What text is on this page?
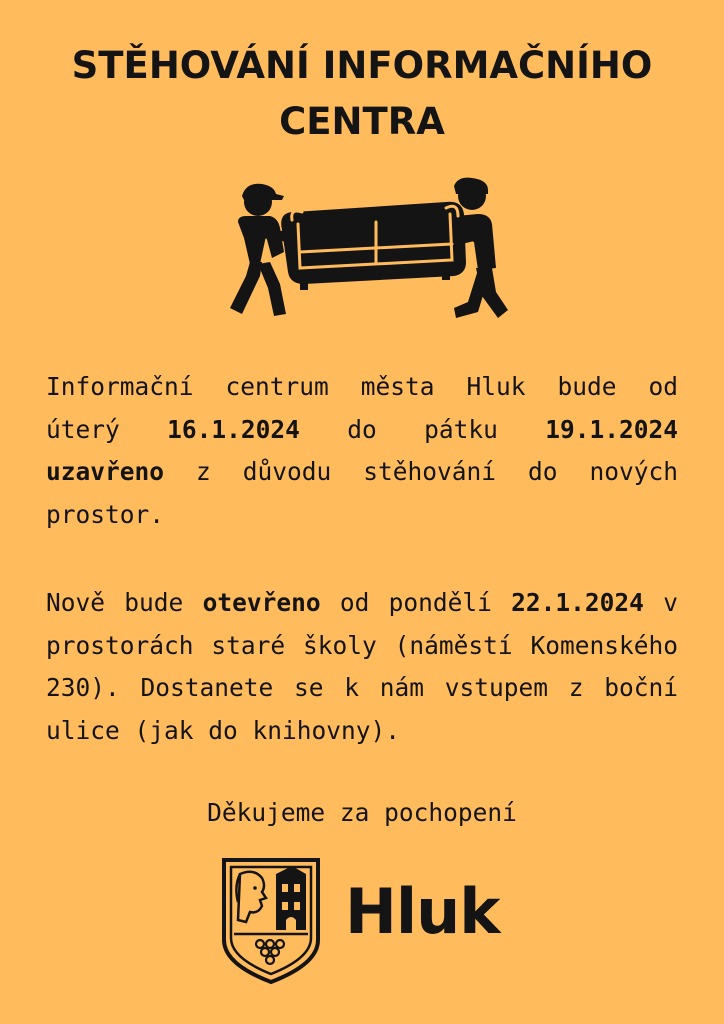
STĚHOVÁNÍ INFORMAČNÍHO
CENTRA

Informační centrum města Hluk bude od úterý 16.1.2024 do pátku 19.1.2024 uzavřeno z důvodu stěhování do nových prostor.

Nově bude otevřeno od pondělí 22.1.2024 v prostorách staré školy (náměstí Komenského 230). Dostanete se k nám vstupem z boční ulice (jak do knihovny).

Děkujeme za pochopení

Hluk
